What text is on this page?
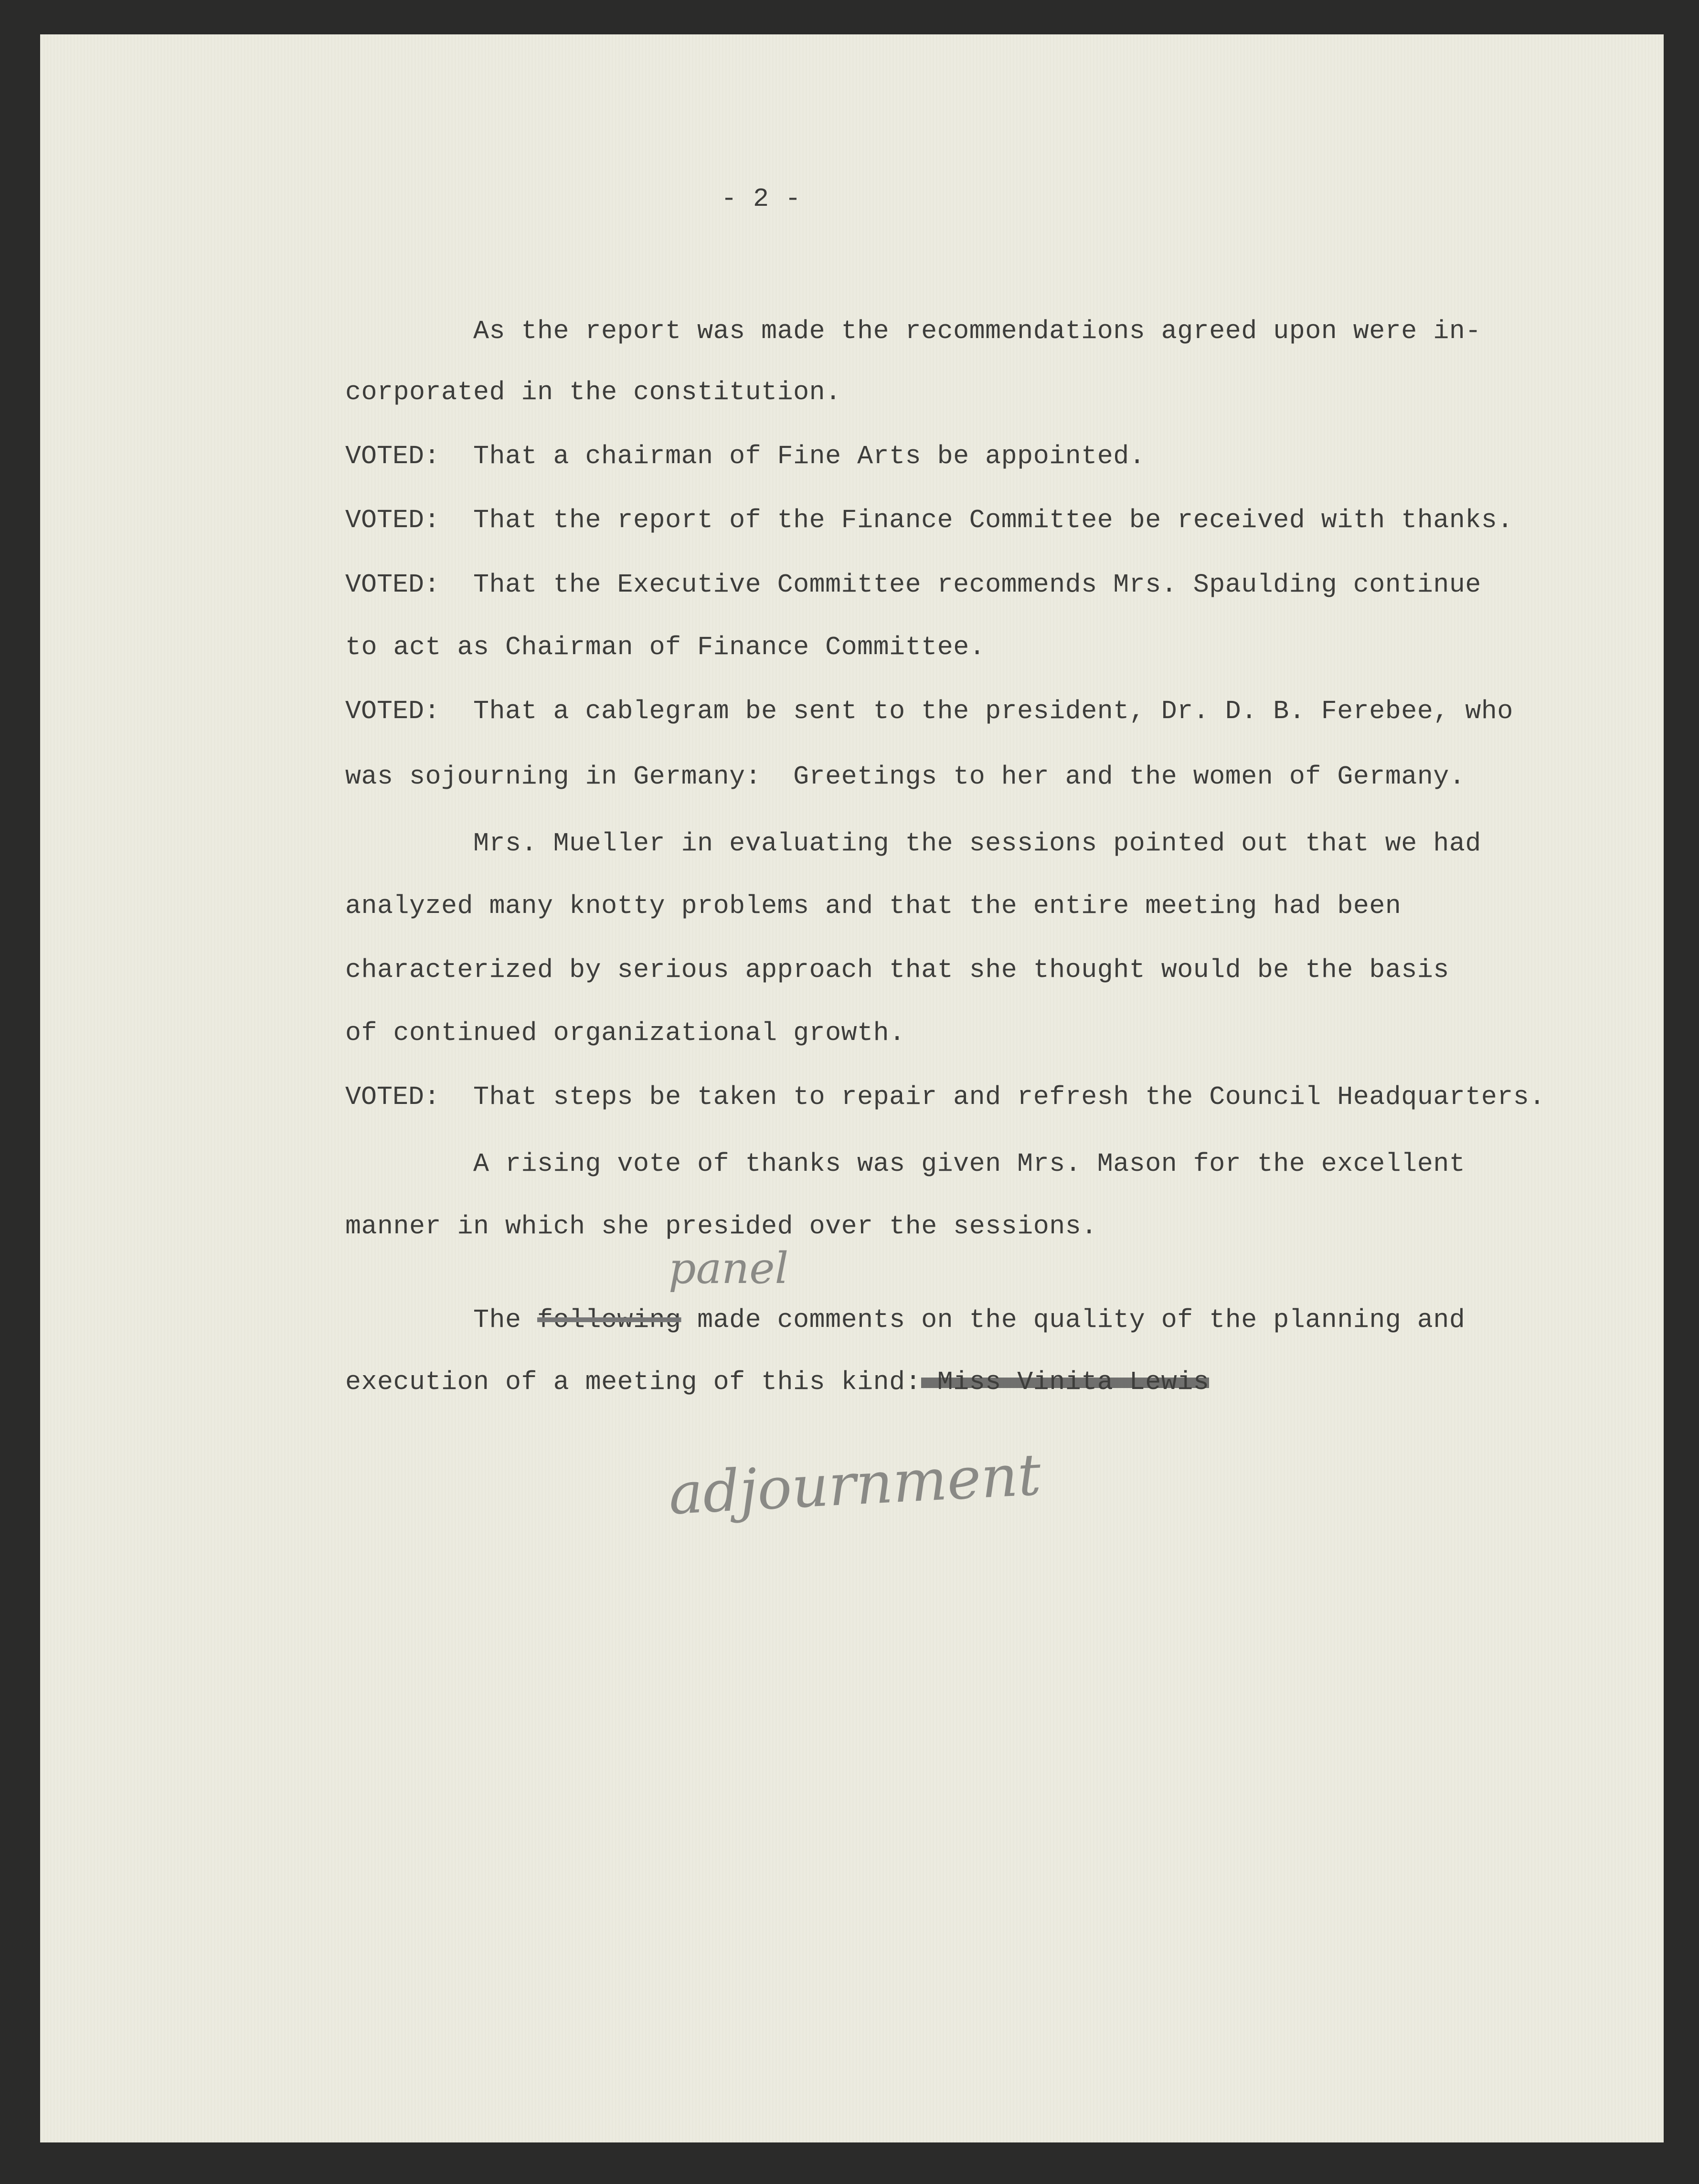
- 2 -
As the report was made the recommendations agreed upon were in-
corporated in the constitution.
VOTED: That a chairman of Fine Arts be appointed.
VOTED: That the report of the Finance Committee be received with thanks.
VOTED: That the Executive Committee recommends Mrs. Spaulding continue
to act as Chairman of Finance Committee.
VOTED: That a cablegram be sent to the president, Dr. D. B. Ferebee, who
was sojourning in Germany:  Greetings to her and the women of Germany.
Mrs. Mueller in evaluating the sessions pointed out that we had
analyzed many knotty problems and that the entire meeting had been
characterized by serious approach that she thought would be the basis
of continued organizational growth.
VOTED: That steps be taken to repair and refresh the Council Headquarters.
A rising vote of thanks was given Mrs. Mason for the excellent
manner in which she presided over the sessions.
panel
The following made comments on the quality of the planning and
execution of a meeting of this kind: Miss Vinita Lewis
adjournment
